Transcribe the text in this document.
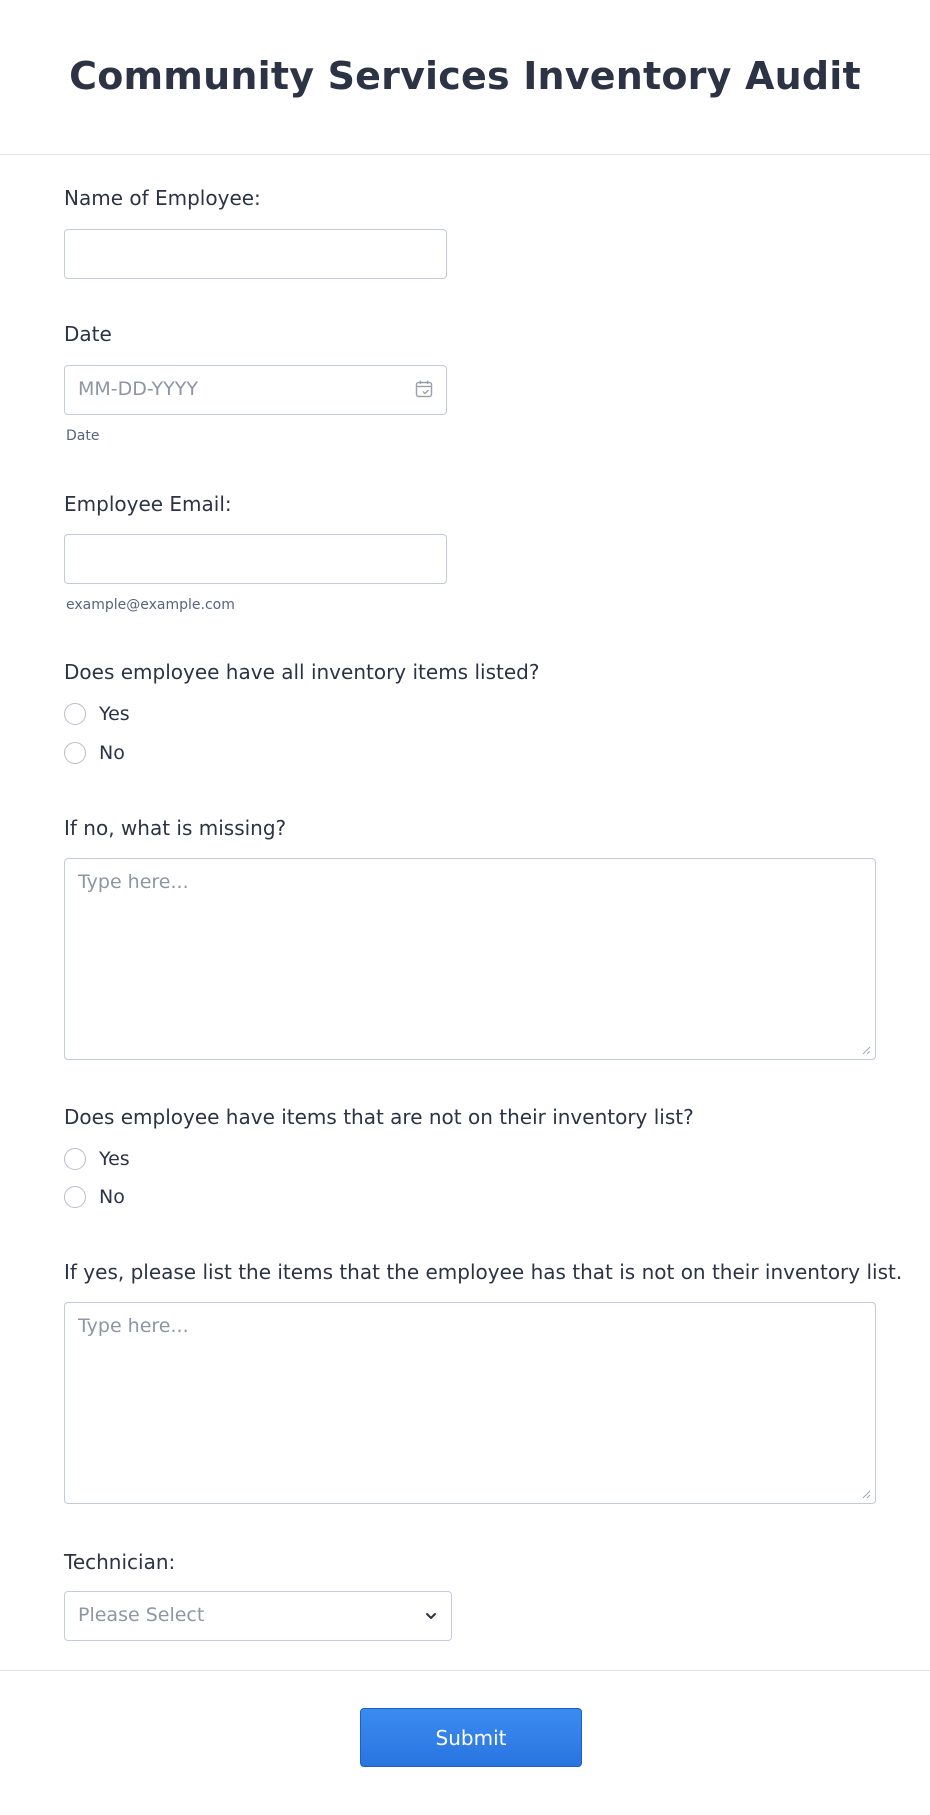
Community Services Inventory Audit
Name of Employee:
Date
MM-DD-YYYY
Date
Employee Email:
example@example.com
Does employee have all inventory items listed?
Yes
No
If no, what is missing?
Type here...
Does employee have items that are not on their inventory list?
Yes
No
If yes, please list the items that the employee has that is not on their inventory list.
Type here...
Technician:
Please Select
Submit
